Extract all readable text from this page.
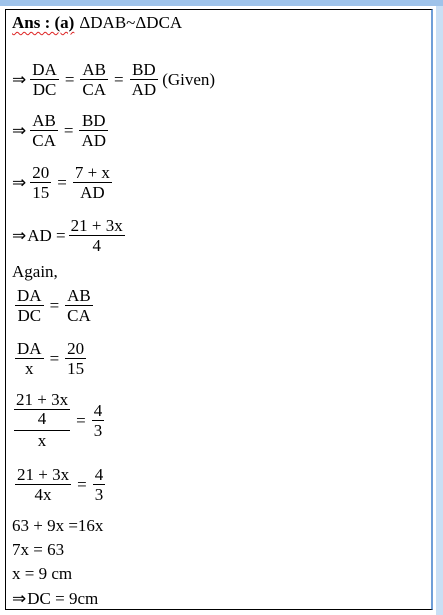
Ans : (a) ΔDAB~ΔDCA
⇒ $\frac{DA}{DC} = \frac{AB}{CA} = \frac{BD}{AD}$ (Given)
⇒ $\frac{AB}{CA} = \frac{BD}{AD}$
⇒ $\frac{20}{15} = \frac{7 + x}{AD}$
⇒ AD = $\frac{21 + 3x}{4}$
Again,
$\frac{DA}{DC} = \frac{AB}{CA}$
$\frac{DA}{x} = \frac{20}{15}$
$\frac{\frac{21 + 3x}{4}}{x} = \frac{4}{3}$
$\frac{21 + 3x}{4x} = \frac{4}{3}$
63 + 9x =16x
7x = 63
x = 9 cm
⇒ DC = 9cm
